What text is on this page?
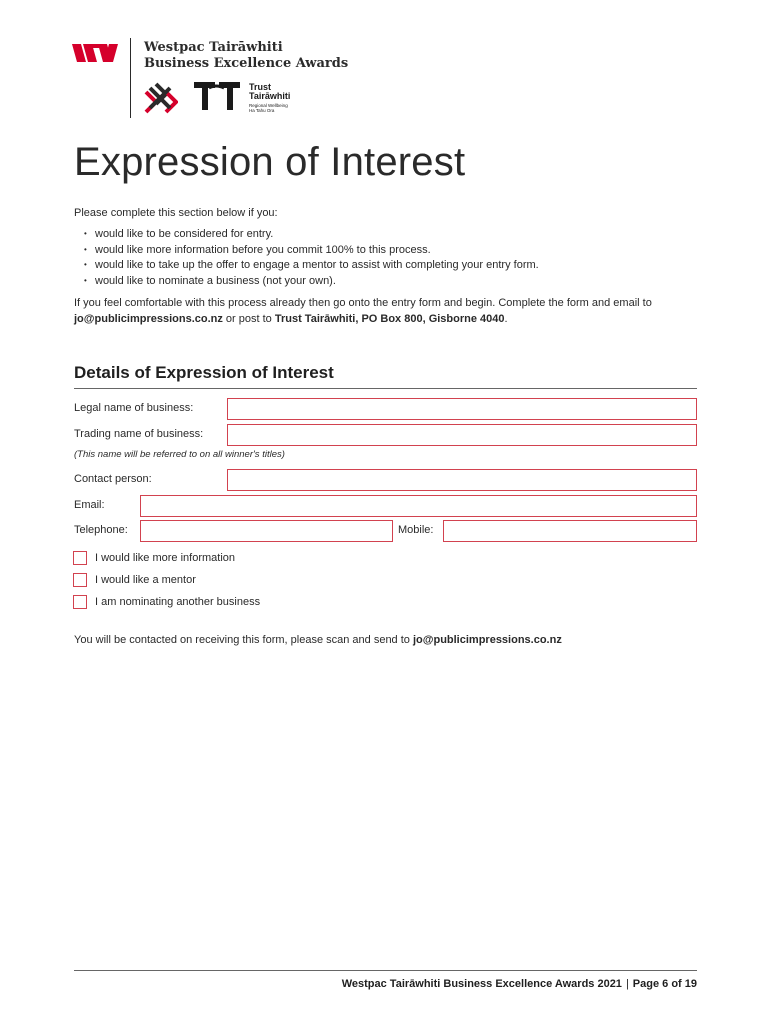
Westpac Tairāwhiti
Business Excellence Awards
Trust
Tairāwhiti
Regional Wellbeing
Ha Tahu Ora
Expression of Interest
Please complete this section below if you:
• would like to be considered for entry.
• would like more information before you commit 100% to this process.
• would like to take up the offer to engage a mentor to assist with completing your entry form.
• would like to nominate a business (not your own).
If you feel comfortable with this process already then go onto the entry form and begin. Complete the form and email to jo@publicimpressions.co.nz or post to Trust Tairāwhiti, PO Box 800, Gisborne 4040.
Details of Expression of Interest
Legal name of business:
Trading name of business:
(This name will be referred to on all winner's titles)
Contact person:
Email:
Telephone:	Mobile:
I would like more information
I would like a mentor
I am nominating another business
You will be contacted on receiving this form, please scan and send to jo@publicimpressions.co.nz
Westpac Tairāwhiti Business Excellence Awards 2021 | Page 6 of 19
